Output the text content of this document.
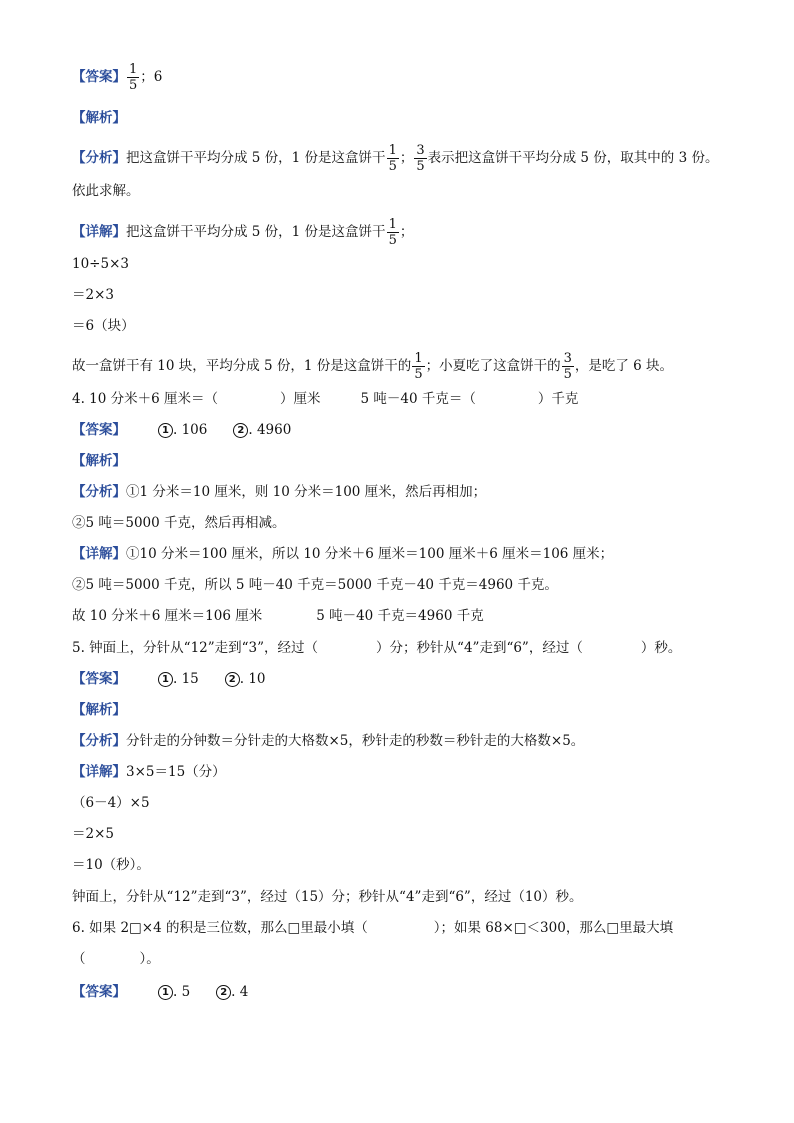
【答案】 $\frac{1}{5}$ ；6
【解析】
【分析】把这盒饼干平均分成 5 份，1 份是这盒饼干 $\frac{1}{5}$ ； $\frac{3}{5}$ 表示把这盒饼干平均分成 5 份，取其中的 3 份。
依此求解。
【详解】把这盒饼干平均分成 5 份，1 份是这盒饼干 $\frac{1}{5}$ ；
10÷5×3
＝2×3
＝6（块）
故一盒饼干有 10 块，平均分成 5 份，1 份是这盒饼干的 $\frac{1}{5}$ ；小夏吃了这盒饼干的 $\frac{3}{5}$ ，是吃了 6 块。
4. 10 分米＋6 厘米＝（	）厘米	5 吨－40 千克＝（	）千克
【答案】	1 . 106	2 . 4960
【解析】
【分析】①1 分米＝10 厘米，则 10 分米＝100 厘米，然后再相加；
②5 吨＝5000 千克，然后再相减。
【详解】①10 分米＝100 厘米，所以 10 分米＋6 厘米＝100 厘米＋6 厘米＝106 厘米；
②5 吨＝5000 千克，所以 5 吨－40 千克＝5000 千克－40 千克＝4960 千克。
故 10 分米＋6 厘米＝106 厘米	5 吨－40 千克＝4960 千克
5. 钟面上，分针从“12”走到“3”，经过（	）分；秒针从“4”走到“6”，经过（	）秒。
【答案】	1 . 15	2 . 10
【解析】
【分析】分针走的分钟数＝分针走的大格数×5，秒针走的秒数＝秒针走的大格数×5。
【详解】3×5＝15（分）
（6－4）×5
＝2×5
＝10（秒）。
钟面上，分针从“12”走到“3”，经过（15）分；秒针从“4”走到“6”，经过（10）秒。
6. 如果 2□×4 的积是三位数，那么□里最小填（	）；如果 68×□＜300，那么□里最大填
（	）。
【答案】	1 . 5	2 . 4
